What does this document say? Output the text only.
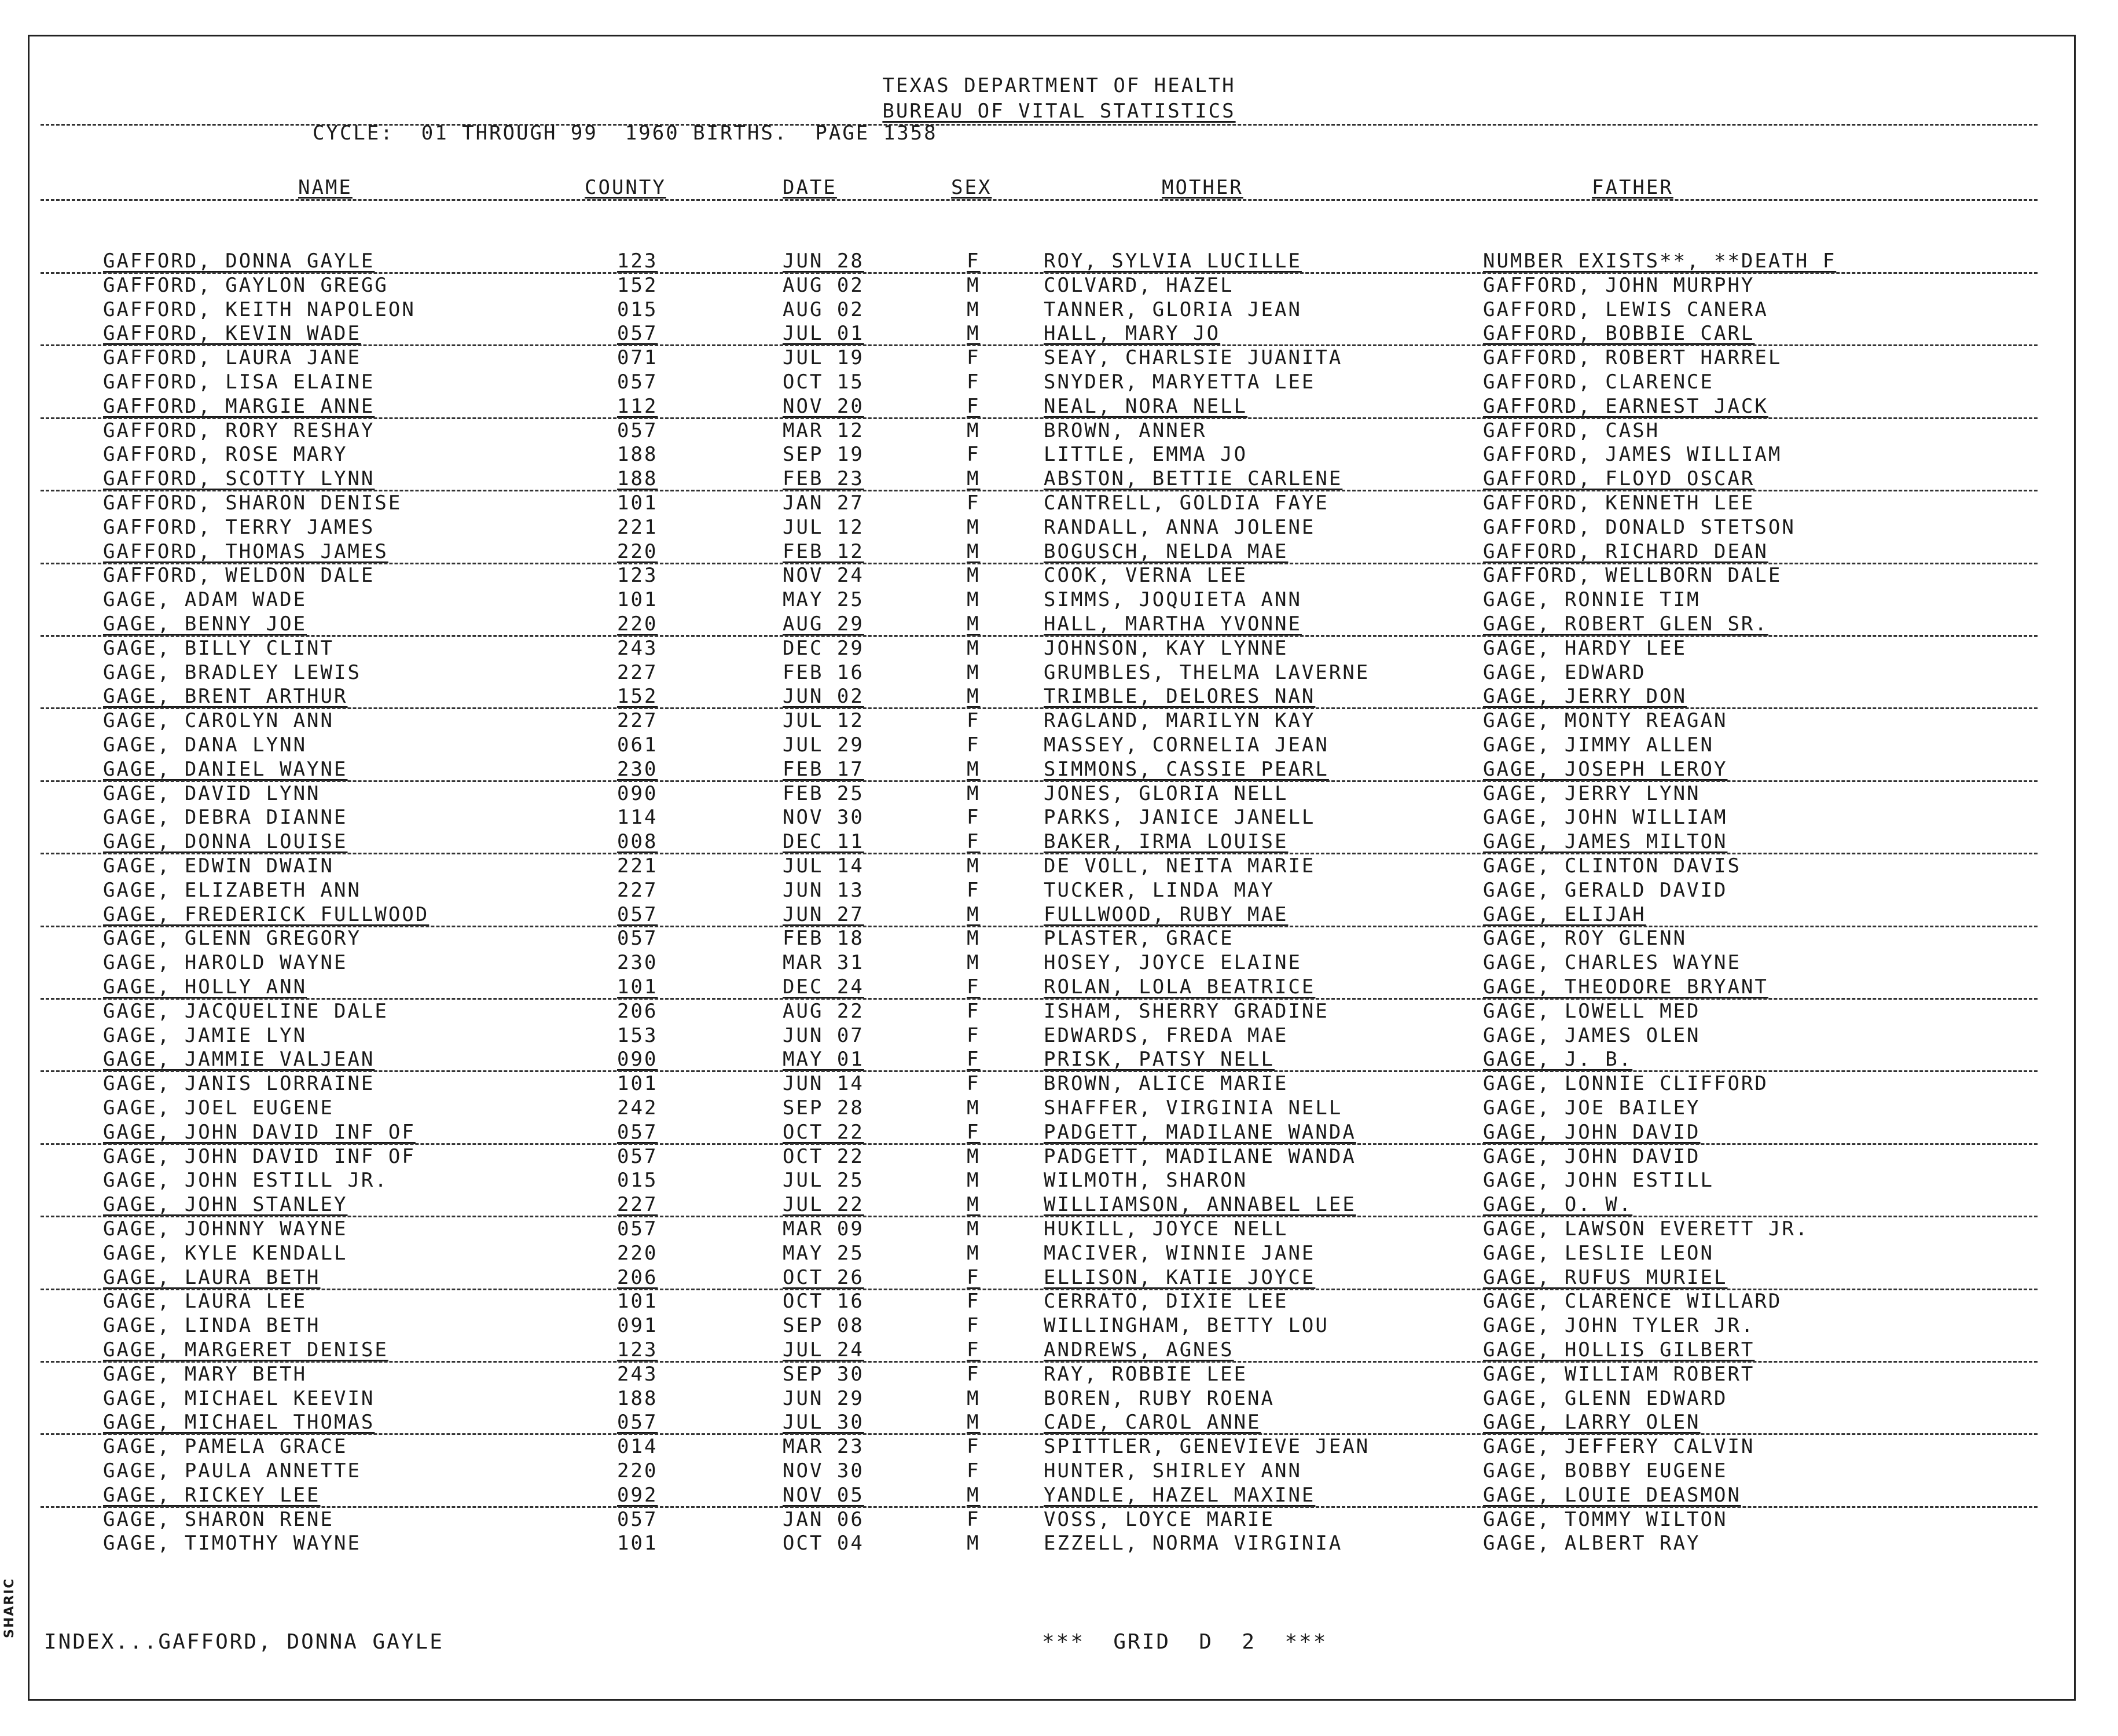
TEXAS DEPARTMENT OF HEALTH
BUREAU OF VITAL STATISTICS
CYCLE:  01 THROUGH 99  1960 BIRTHS.  PAGE 1358
NAME	COUNTY	DATE	SEX	MOTHER	FATHER
GAFFORD, DONNA GAYLE	123	JUN 28	F	ROY, SYLVIA LUCILLE	NUMBER EXISTS**, **DEATH F
GAFFORD, GAYLON GREGG	152	AUG 02	M	COLVARD, HAZEL	GAFFORD, JOHN MURPHY
GAFFORD, KEITH NAPOLEON	015	AUG 02	M	TANNER, GLORIA JEAN	GAFFORD, LEWIS CANERA
GAFFORD, KEVIN WADE	057	JUL 01	M	HALL, MARY JO	GAFFORD, BOBBIE CARL
GAFFORD, LAURA JANE	071	JUL 19	F	SEAY, CHARLSIE JUANITA	GAFFORD, ROBERT HARREL
GAFFORD, LISA ELAINE	057	OCT 15	F	SNYDER, MARYETTA LEE	GAFFORD, CLARENCE
GAFFORD, MARGIE ANNE	112	NOV 20	F	NEAL, NORA NELL	GAFFORD, EARNEST JACK
GAFFORD, RORY RESHAY	057	MAR 12	M	BROWN, ANNER	GAFFORD, CASH
GAFFORD, ROSE MARY	188	SEP 19	F	LITTLE, EMMA JO	GAFFORD, JAMES WILLIAM
GAFFORD, SCOTTY LYNN	188	FEB 23	M	ABSTON, BETTIE CARLENE	GAFFORD, FLOYD OSCAR
GAFFORD, SHARON DENISE	101	JAN 27	F	CANTRELL, GOLDIA FAYE	GAFFORD, KENNETH LEE
GAFFORD, TERRY JAMES	221	JUL 12	M	RANDALL, ANNA JOLENE	GAFFORD, DONALD STETSON
GAFFORD, THOMAS JAMES	220	FEB 12	M	BOGUSCH, NELDA MAE	GAFFORD, RICHARD DEAN
GAFFORD, WELDON DALE	123	NOV 24	M	COOK, VERNA LEE	GAFFORD, WELLBORN DALE
GAGE, ADAM WADE	101	MAY 25	M	SIMMS, JOQUIETA ANN	GAGE, RONNIE TIM
GAGE, BENNY JOE	220	AUG 29	M	HALL, MARTHA YVONNE	GAGE, ROBERT GLEN SR.
GAGE, BILLY CLINT	243	DEC 29	M	JOHNSON, KAY LYNNE	GAGE, HARDY LEE
GAGE, BRADLEY LEWIS	227	FEB 16	M	GRUMBLES, THELMA LAVERNE	GAGE, EDWARD
GAGE, BRENT ARTHUR	152	JUN 02	M	TRIMBLE, DELORES NAN	GAGE, JERRY DON
GAGE, CAROLYN ANN	227	JUL 12	F	RAGLAND, MARILYN KAY	GAGE, MONTY REAGAN
GAGE, DANA LYNN	061	JUL 29	F	MASSEY, CORNELIA JEAN	GAGE, JIMMY ALLEN
GAGE, DANIEL WAYNE	230	FEB 17	M	SIMMONS, CASSIE PEARL	GAGE, JOSEPH LEROY
GAGE, DAVID LYNN	090	FEB 25	M	JONES, GLORIA NELL	GAGE, JERRY LYNN
GAGE, DEBRA DIANNE	114	NOV 30	F	PARKS, JANICE JANELL	GAGE, JOHN WILLIAM
GAGE, DONNA LOUISE	008	DEC 11	F	BAKER, IRMA LOUISE	GAGE, JAMES MILTON
GAGE, EDWIN DWAIN	221	JUL 14	M	DE VOLL, NEITA MARIE	GAGE, CLINTON DAVIS
GAGE, ELIZABETH ANN	227	JUN 13	F	TUCKER, LINDA MAY	GAGE, GERALD DAVID
GAGE, FREDERICK FULLWOOD	057	JUN 27	M	FULLWOOD, RUBY MAE	GAGE, ELIJAH
GAGE, GLENN GREGORY	057	FEB 18	M	PLASTER, GRACE	GAGE, ROY GLENN
GAGE, HAROLD WAYNE	230	MAR 31	M	HOSEY, JOYCE ELAINE	GAGE, CHARLES WAYNE
GAGE, HOLLY ANN	101	DEC 24	F	ROLAN, LOLA BEATRICE	GAGE, THEODORE BRYANT
GAGE, JACQUELINE DALE	206	AUG 22	F	ISHAM, SHERRY GRADINE	GAGE, LOWELL MED
GAGE, JAMIE LYN	153	JUN 07	F	EDWARDS, FREDA MAE	GAGE, JAMES OLEN
GAGE, JAMMIE VALJEAN	090	MAY 01	F	PRISK, PATSY NELL	GAGE, J. B.
GAGE, JANIS LORRAINE	101	JUN 14	F	BROWN, ALICE MARIE	GAGE, LONNIE CLIFFORD
GAGE, JOEL EUGENE	242	SEP 28	M	SHAFFER, VIRGINIA NELL	GAGE, JOE BAILEY
GAGE, JOHN DAVID INF OF	057	OCT 22	F	PADGETT, MADILANE WANDA	GAGE, JOHN DAVID
GAGE, JOHN DAVID INF OF	057	OCT 22	M	PADGETT, MADILANE WANDA	GAGE, JOHN DAVID
GAGE, JOHN ESTILL JR.	015	JUL 25	M	WILMOTH, SHARON	GAGE, JOHN ESTILL
GAGE, JOHN STANLEY	227	JUL 22	M	WILLIAMSON, ANNABEL LEE	GAGE, O. W.
GAGE, JOHNNY WAYNE	057	MAR 09	M	HUKILL, JOYCE NELL	GAGE, LAWSON EVERETT JR.
GAGE, KYLE KENDALL	220	MAY 25	M	MACIVER, WINNIE JANE	GAGE, LESLIE LEON
GAGE, LAURA BETH	206	OCT 26	F	ELLISON, KATIE JOYCE	GAGE, RUFUS MURIEL
GAGE, LAURA LEE	101	OCT 16	F	CERRATO, DIXIE LEE	GAGE, CLARENCE WILLARD
GAGE, LINDA BETH	091	SEP 08	F	WILLINGHAM, BETTY LOU	GAGE, JOHN TYLER JR.
GAGE, MARGERET DENISE	123	JUL 24	F	ANDREWS, AGNES	GAGE, HOLLIS GILBERT
GAGE, MARY BETH	243	SEP 30	F	RAY, ROBBIE LEE	GAGE, WILLIAM ROBERT
GAGE, MICHAEL KEEVIN	188	JUN 29	M	BOREN, RUBY ROENA	GAGE, GLENN EDWARD
GAGE, MICHAEL THOMAS	057	JUL 30	M	CADE, CAROL ANNE	GAGE, LARRY OLEN
GAGE, PAMELA GRACE	014	MAR 23	F	SPITTLER, GENEVIEVE JEAN	GAGE, JEFFERY CALVIN
GAGE, PAULA ANNETTE	220	NOV 30	F	HUNTER, SHIRLEY ANN	GAGE, BOBBY EUGENE
GAGE, RICKEY LEE	092	NOV 05	M	YANDLE, HAZEL MAXINE	GAGE, LOUIE DEASMON
GAGE, SHARON RENE	057	JAN 06	F	VOSS, LOYCE MARIE	GAGE, TOMMY WILTON
GAGE, TIMOTHY WAYNE	101	OCT 04	M	EZZELL, NORMA VIRGINIA	GAGE, ALBERT RAY
INDEX...GAFFORD, DONNA GAYLE	***  GRID  D  2  ***
SHARIC
